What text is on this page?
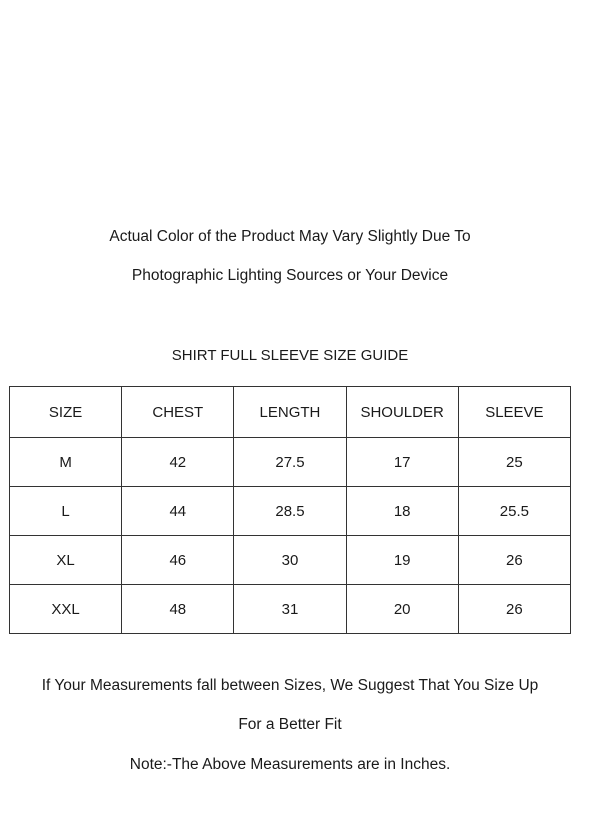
Actual Color of the Product May Vary Slightly Due To
Photographic Lighting Sources or Your Device
SHIRT FULL SLEEVE SIZE GUIDE
SIZE	CHEST	LENGTH	SHOULDER	SLEEVE
M	42	27.5	17	25
L	44	28.5	18	25.5
XL	46	30	19	26
XXL	48	31	20	26
If Your Measurements fall between Sizes, We Suggest That You Size Up
For a Better Fit
Note:-The Above Measurements are in Inches.
